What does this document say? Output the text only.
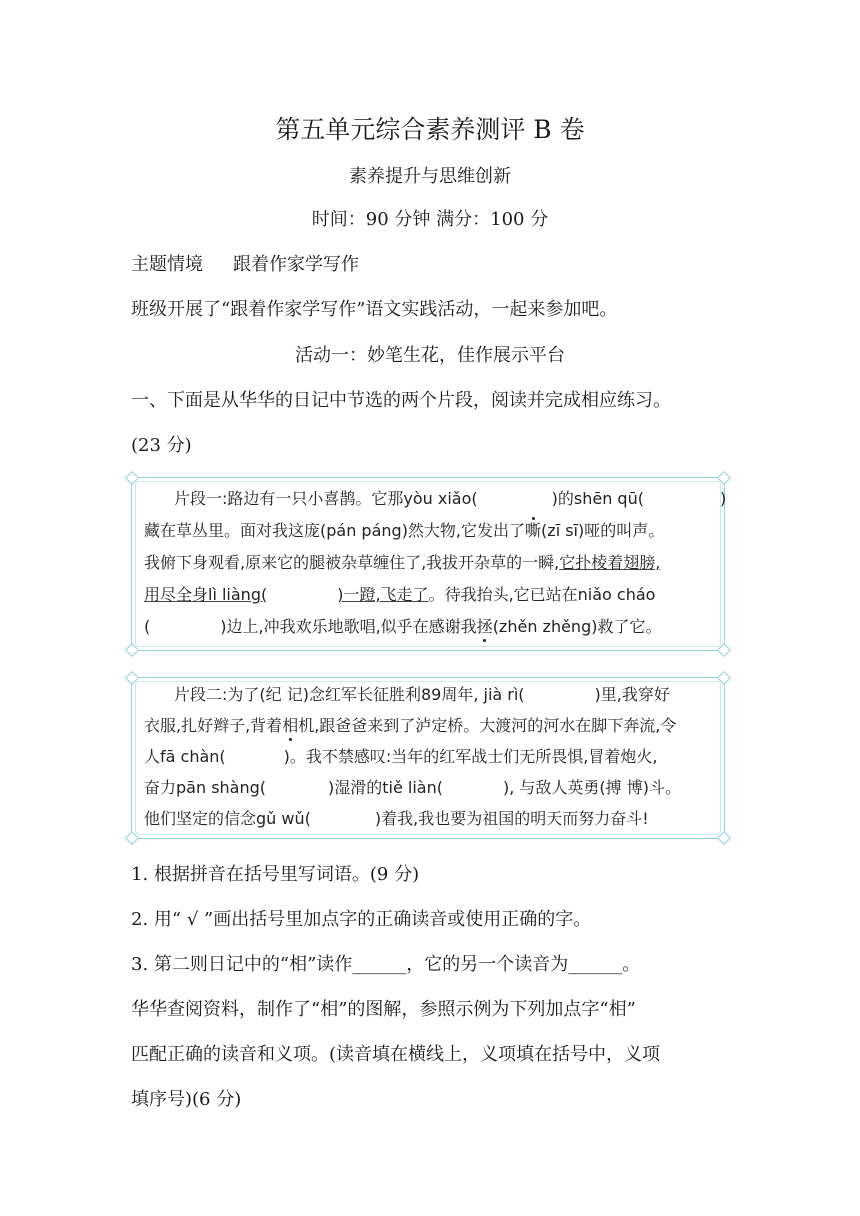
第五单元综合素养测评 B 卷
素养提升与思维创新
时间：90 分钟 满分：100 分
主题情境 跟着作家学写作
班级开展了“跟着作家学写作”语文实践活动，一起来参加吧。
活动一：妙笔生花，佳作展示平台
一、下面是从华华的日记中节选的两个片段，阅读并完成相应练习。
(23 分)
片段一:路边有一只小喜鹊。它那yòu xiǎo(	)的shēn qū(	)
藏在草丛里。面对我这庞(pán páng)然大物,它发出了嘶(zī sī)哑的叫声。
我俯下身观看,原来它的腿被杂草缠住了,我拔开杂草的一瞬,它扑棱着翅膀,
用尽全身lì liàng(	)一蹬,飞走了。待我抬头,它已站在niǎo cháo
(	)边上,冲我欢乐地歌唱,似乎在感谢我拯(zhěn zhěng)救了它。
片段二:为了(纪 记)念红军长征胜利89周年, jià rì(	)里,我穿好
衣服,扎好辫子,背着相机,跟爸爸来到了泸定桥。大渡河的河水在脚下奔流,令
人fā chàn(	)。我不禁感叹:当年的红军战士们无所畏惧,冒着炮火,
奋力pān shàng(	)湿滑的tiě liàn(	), 与敌人英勇(搏 博)斗。
他们坚定的信念gǔ wǔ(	)着我,我也要为祖国的明天而努力奋斗!
1. 根据拼音在括号里写词语。(9 分)
2. 用“ √ ”画出括号里加点字的正确读音或使用正确的字。
3. 第二则日记中的“相”读作______，它的另一个读音为______。
华华查阅资料，制作了“相”的图解，参照示例为下列加点字“相”
匹配正确的读音和义项。(读音填在横线上，义项填在括号中，义项
填序号)(6 分)
